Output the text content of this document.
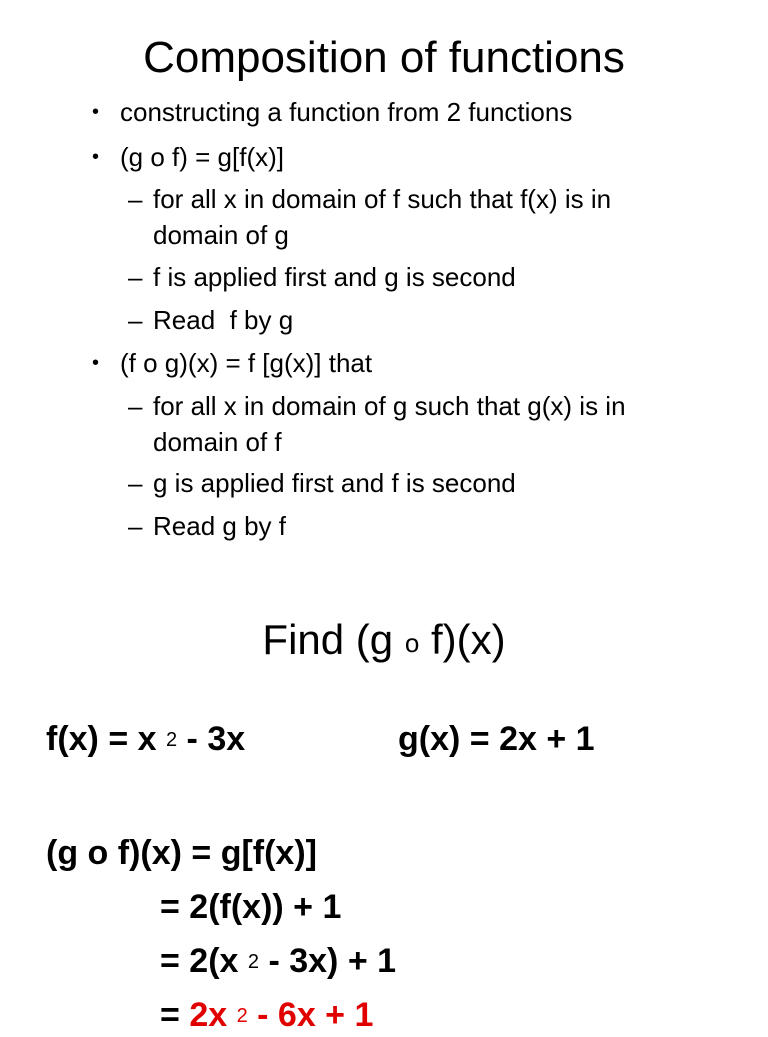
Composition of functions
• constructing a function from 2 functions
• (g o f) = g[f(x)]
– for all x in domain of f such that f(x) is in
domain of g
– f is applied first and g is second
– Read  f by g
• (f o g)(x) = f [g(x)] that
– for all x in domain of g such that g(x) is in
domain of f
– g is applied first and f is second
– Read g by f
Find (g o f)(x)
f(x) = x $^2$ - 3x	g(x) = 2x + 1
(g o f)(x) = g[f(x)]
= 2(f(x)) + 1
= 2(x $^2$ - 3x) + 1
= 2x $^2$ - 6x + 1
